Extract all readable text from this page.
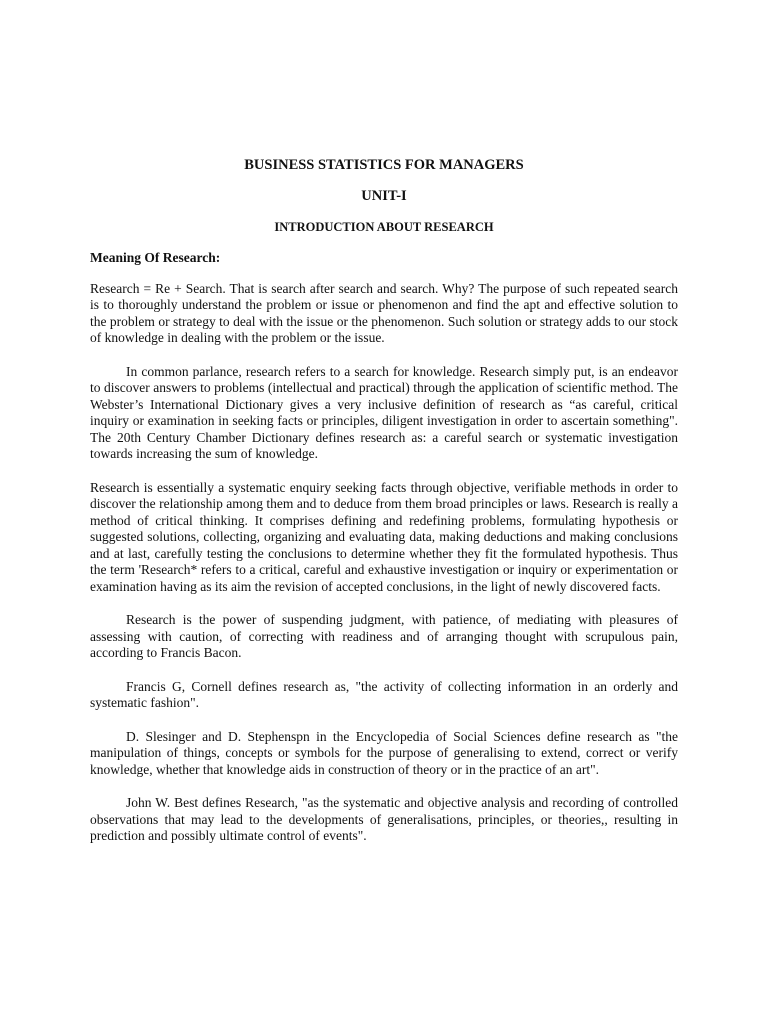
BUSINESS STATISTICS FOR MANAGERS
UNIT-I
INTRODUCTION ABOUT RESEARCH
Meaning Of Research:

Research = Re + Search. That is search after search and search. Why? The purpose of such repeated search is to thoroughly understand the problem or issue or phenomenon and find the apt and effective solution to the problem or strategy to deal with the issue or the phenomenon. Such solution or strategy adds to our stock of knowledge in dealing with the problem or the issue.

In common parlance, research refers to a search for knowledge. Research simply put, is an endeavor to discover answers to problems (intellectual and practical) through the application of scientific method. The Webster’s International Dictionary gives a very inclusive definition of research as “as careful, critical inquiry or examination in seeking facts or principles, diligent investigation in order to ascertain something". The 20th Century Chamber Dictionary defines research as: a careful search or systematic investigation towards increasing the sum of knowledge.

Research is essentially a systematic enquiry seeking facts through objective, verifiable methods in order to discover the relationship among them and to deduce from them broad principles or laws. Research is really a method of critical thinking. It comprises defining and redefining problems, formulating hypothesis or suggested solutions, collecting, organizing and evaluating data, making deductions and making conclusions and at last, carefully testing the conclusions to determine whether they fit the formulated hypothesis. Thus the term 'Research* refers to a critical, careful and exhaustive investigation or inquiry or experimentation or examination having as its aim the revision of accepted conclusions, in the light of newly discovered facts.

Research is the power of suspending judgment, with patience, of mediating with pleasures of assessing with caution, of correcting with readiness and of arranging thought with scrupulous pain, according to Francis Bacon.

Francis G, Cornell defines research as, "the activity of collecting information in an orderly and systematic fashion".

D. Slesinger and D. Stephenspn in the Encyclopedia of Social Sciences define research as "the manipulation of things, concepts or symbols for the purpose of generalising to extend, correct or verify knowledge, whether that knowledge aids in construction of theory or in the practice of an art".

John W. Best defines Research, "as the systematic and objective analysis and recording of controlled observations that may lead to the developments of generalisations, principles, or theories,, resulting in prediction and possibly ultimate control of events".
